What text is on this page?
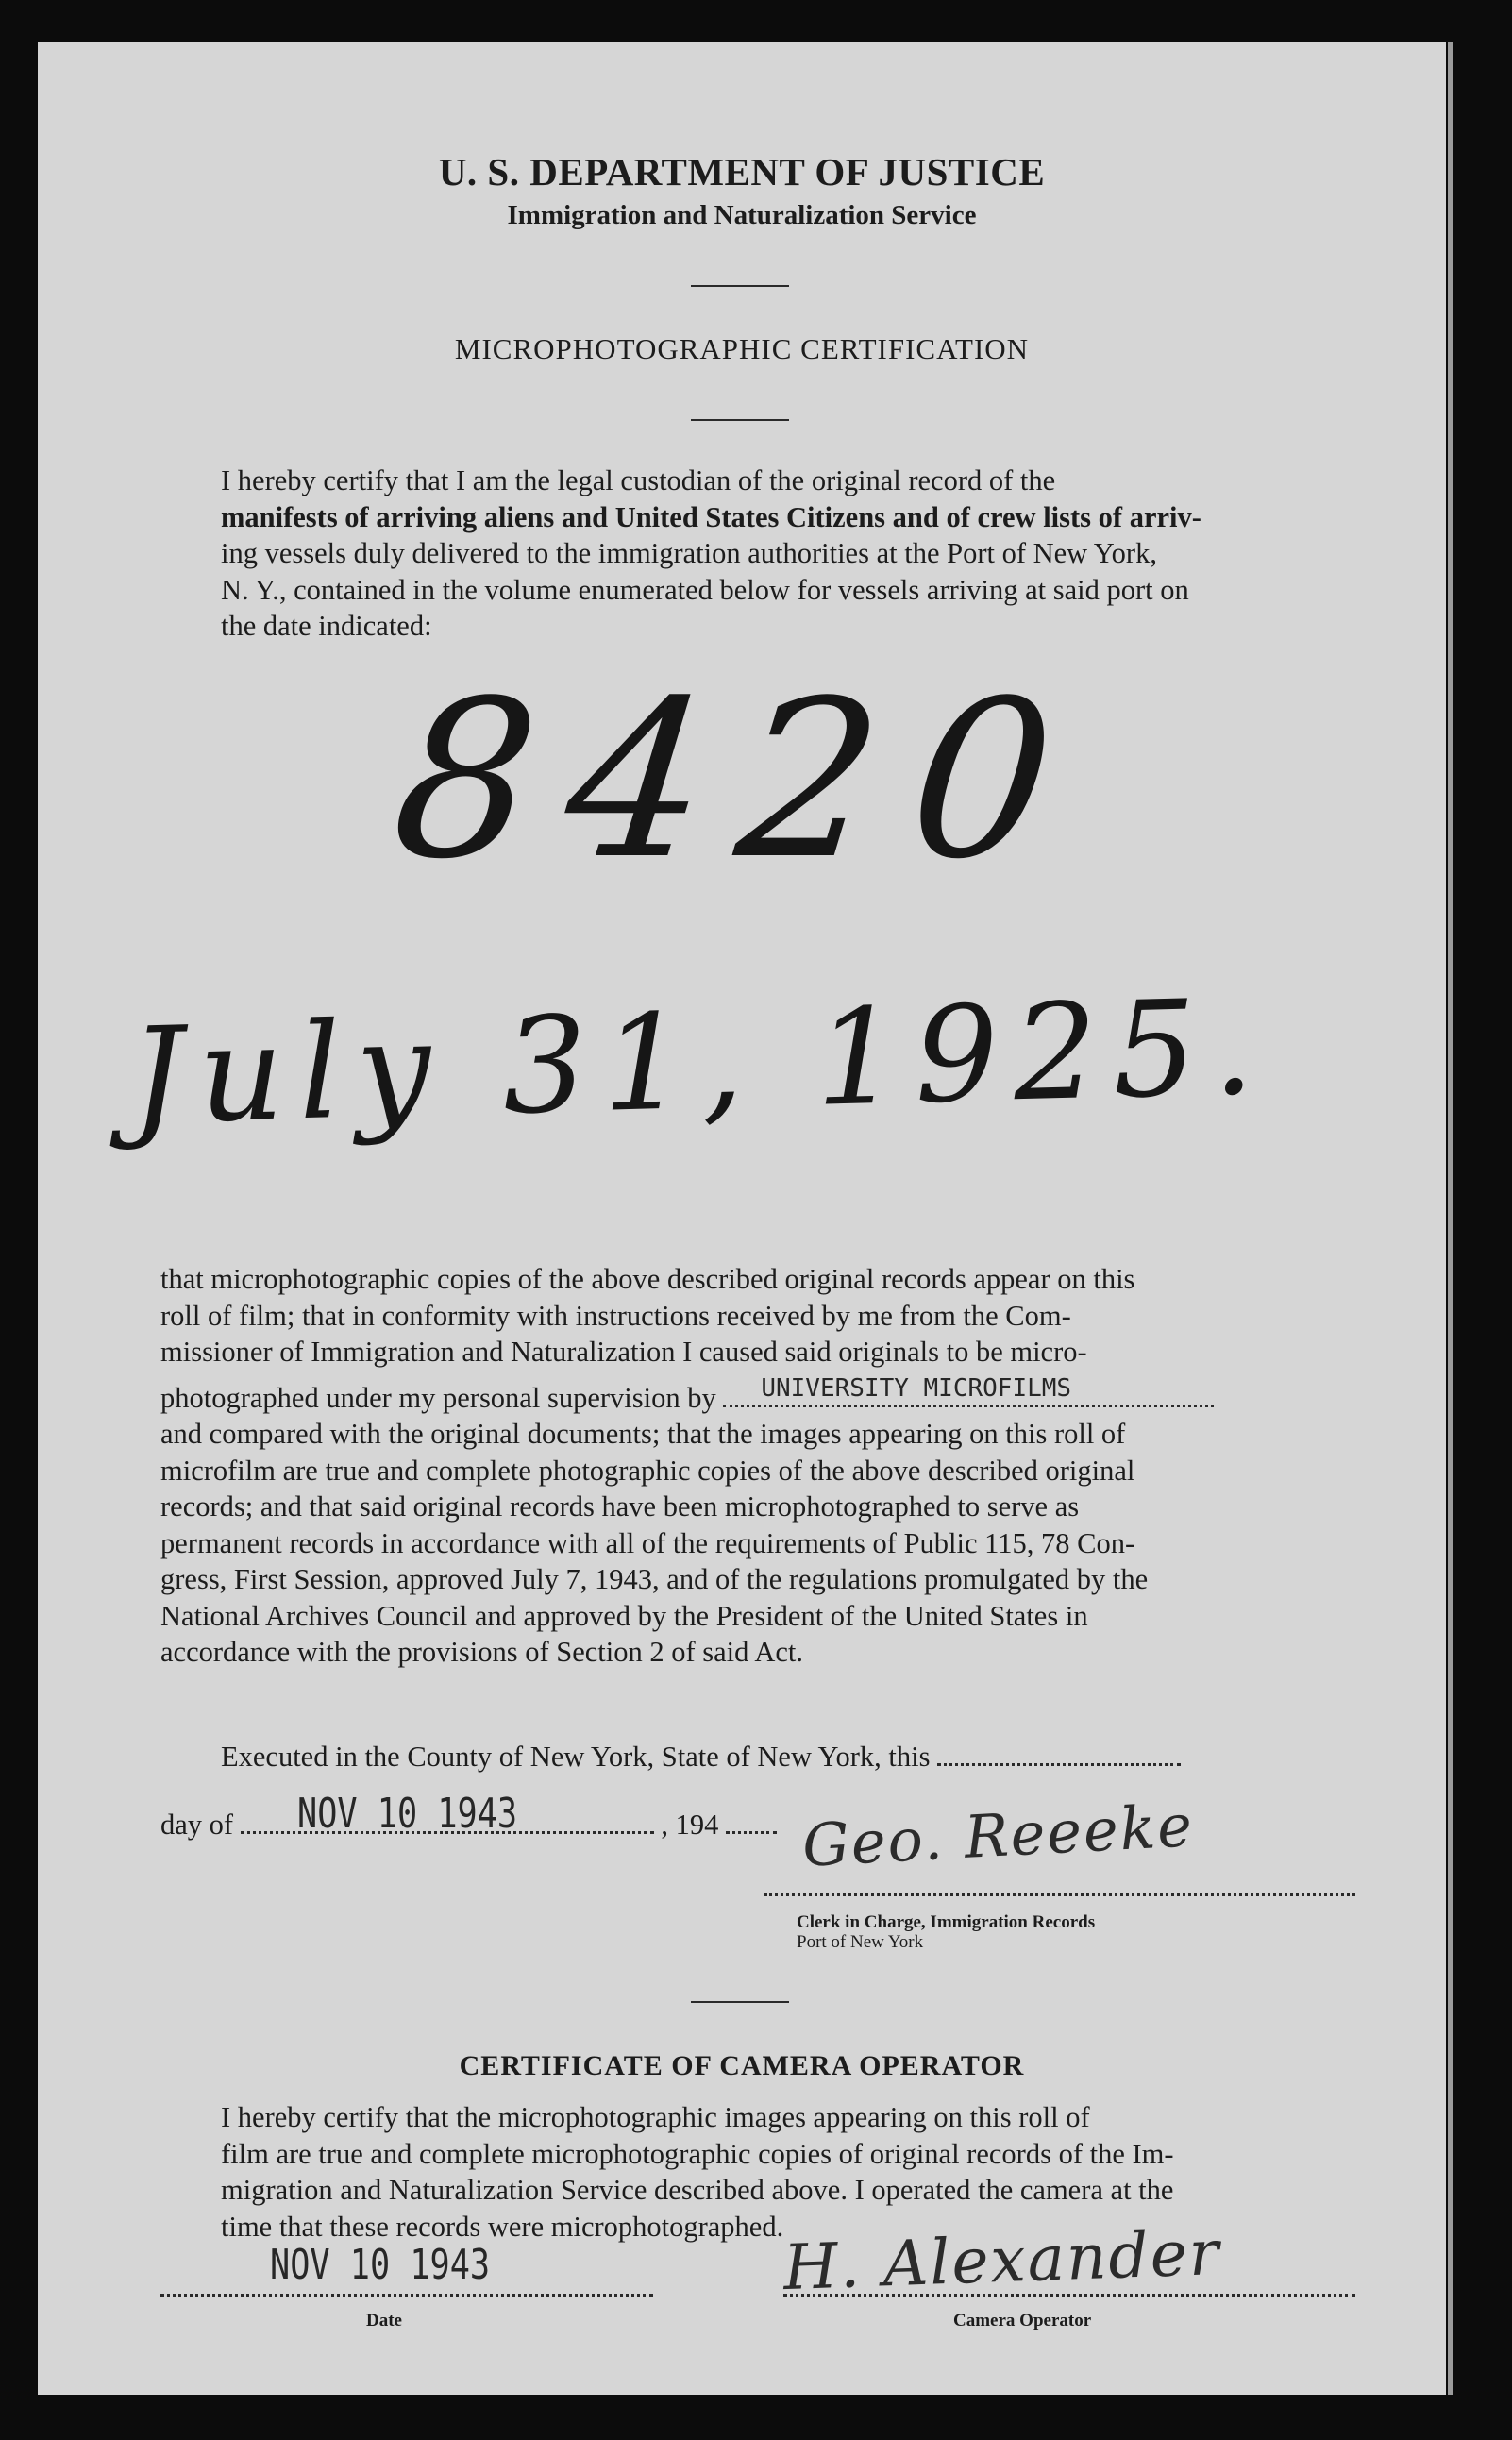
U. S. DEPARTMENT OF JUSTICE
Immigration and Naturalization Service
MICROPHOTOGRAPHIC CERTIFICATION
I hereby certify that I am the legal custodian of the original record of the
manifests of arriving aliens and United States Citizens and of crew lists of arriv-
ing vessels duly delivered to the immigration authorities at the Port of New York,
N. Y., contained in the volume enumerated below for vessels arriving at said port on
the date indicated:
8420
July 31, 1925.
that microphotographic copies of the above described original records appear on this
roll of film; that in conformity with instructions received by me from the Com-
missioner of Immigration and Naturalization I caused said originals to be micro-
photographed under my personal supervision by UNIVERSITY MICROFILMS
and compared with the original documents; that the images appearing on this roll of
microfilm are true and complete photographic copies of the above described original
records; and that said original records have been microphotographed to serve as
permanent records in accordance with all of the requirements of Public 115, 78 Con-
gress, First Session, approved July 7, 1943, and of the regulations promulgated by the
National Archives Council and approved by the President of the United States in
accordance with the provisions of Section 2 of said Act.
Executed in the County of New York, State of New York, this
day of NOV 10 1943	, 194	Geo. Reeeke
Clerk in Charge, Immigration Records
Port of New York
CERTIFICATE OF CAMERA OPERATOR
I hereby certify that the microphotographic images appearing on this roll of
film are true and complete microphotographic copies of original records of the Im-
migration and Naturalization Service described above. I operated the camera at the
time that these records were microphotographed.
NOV 10 1943
Date
H. Alexander
Camera Operator
